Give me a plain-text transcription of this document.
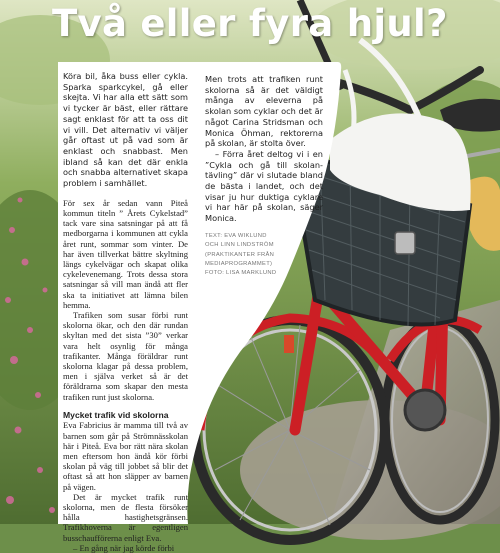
Två eller fyra hjul?

Köra bil, åka buss eller cykla. Sparka sparkcykel, gå eller skejta. Vi har alla ett sätt som vi tycker är bäst, eller rättare sagt enklast för att ta oss dit vi vill. Det alternativ vi väljer går oftast ut på vad som är enklast och snabbast. Men ibland så kan det där enkla och snabba alternativet skapa problem i samhället.

För sex år sedan vann Piteå kommun titeln ” Årets Cykelstad” tack vare sina satsningar på att få medborgarna i kommunen att cykla året runt, sommar som vinter. De har även tillverkat bättre skyltning längs cykelvägar och skapat olika cykelevenemang. Trots dessa stora satsningar så vill man ändå att fler ska ta initiativet att lämna bilen hemma.

Trafiken som susar förbi runt skolorna ökar, och den där rundan skyltan med det sista ”30” verkar vara helt osynlig för många trafikanter. Många föräldrar runt skolorna klagar på dessa problem, men i själva verket så är det föräldrarna som skapar den mesta trafiken runt just skolorna.

Mycket trafik vid skolorna

Eva Fabricius är mamma till två av barnen som går på Strömnässkolan här i Piteå. Eva bor rätt nära skolan men eftersom hon ändå kör förbi skolan på väg till jobbet så blir det oftast så att hon släpper av barnen på vägen.

Det är mycket trafik runt skolorna, men de flesta försöker hålla hastighetsgränsen. Trafikhoverna är egentligen busschaufförerna enligt Eva.

– En gång när jag körde förbi

Men trots att trafiken runt skolorna så är det väldigt många av eleverna på skolan som cyklar och det är något Carina Stridsman och Monica Öhman, rektorerna på skolan, är stolta över.

– Förra året deltog vi i en ”Cykla och gå till skolan-tävling” där vi slutade bland de bästa i landet, och det visar ju hur duktiga cyklare vi har här på skolan, säger Monica.

TEXT: EVA WIKLUND
OCH LINN LINDSTRÖM
(PRAKTIKANTER FRÅN
MEDIAPROGRAMMET)
FOTO: LISA MARKLUND
